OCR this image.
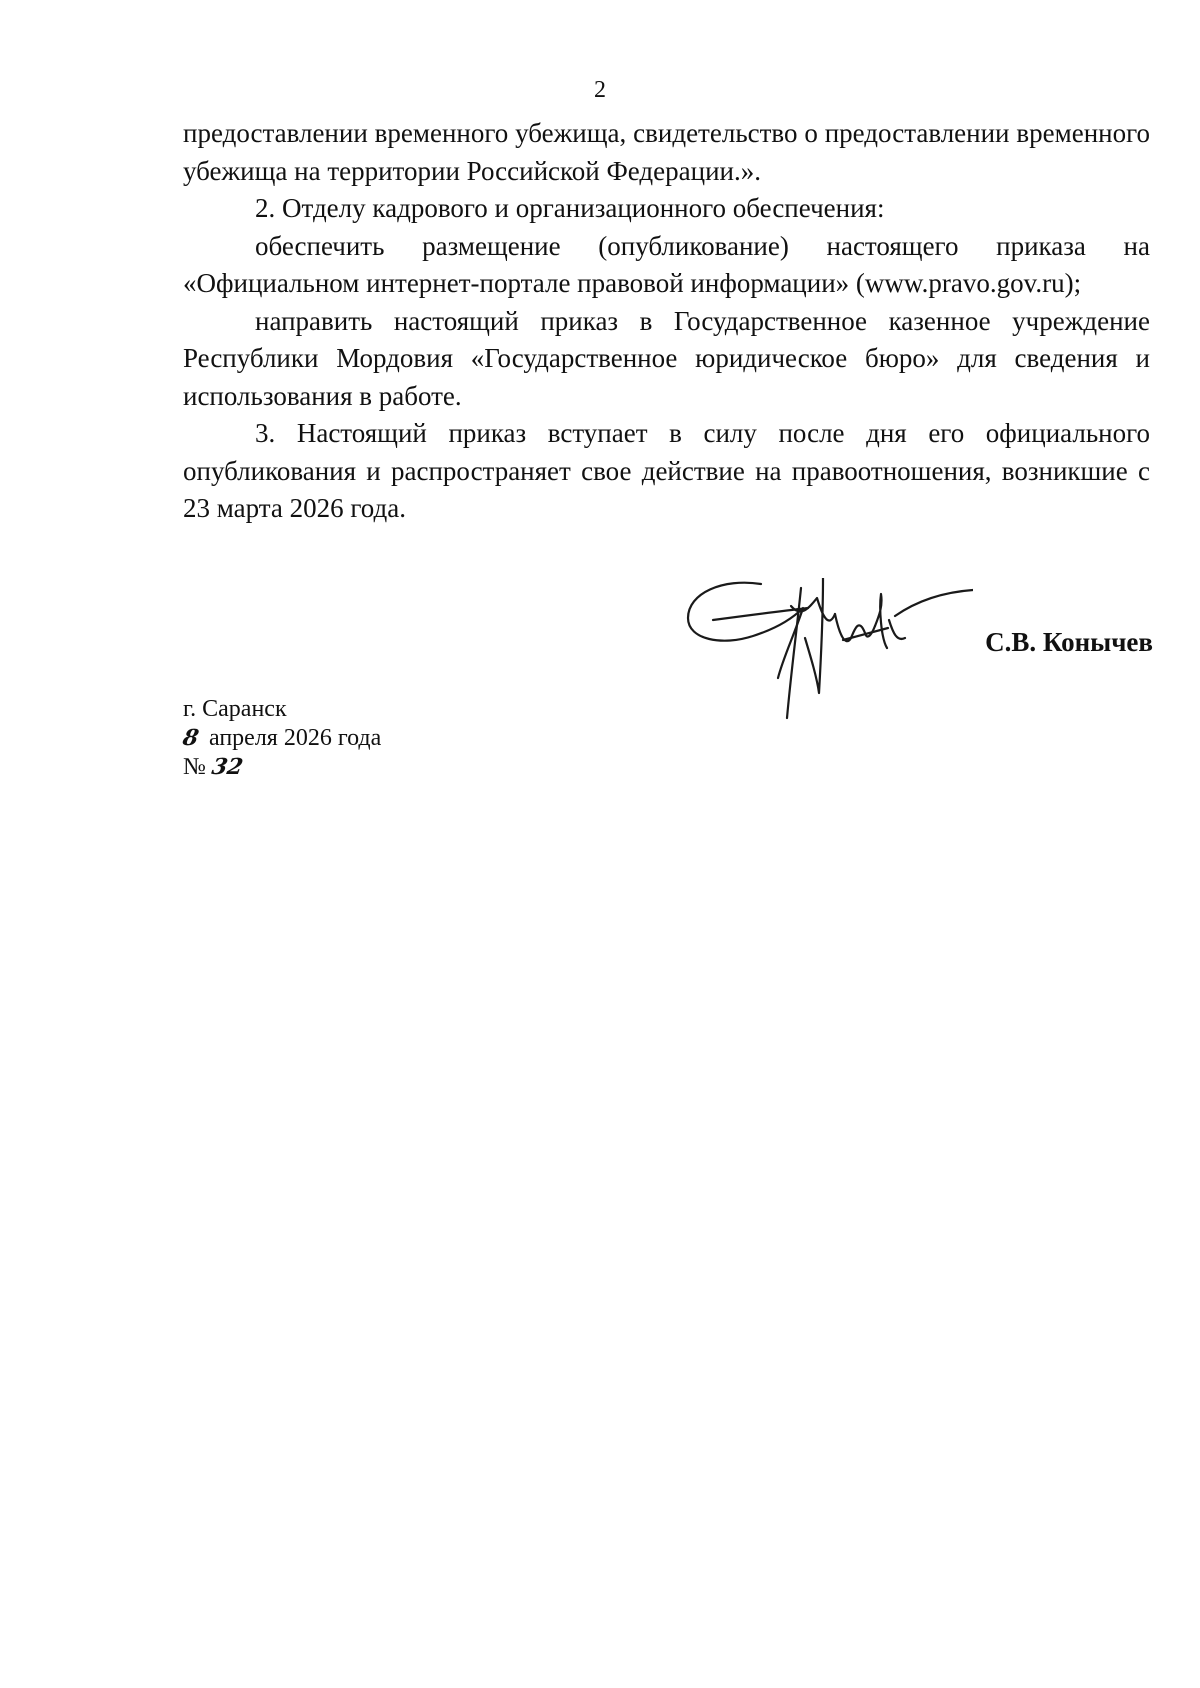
2

предоставлении временного убежища, свидетельство о предоставлении временного убежища на территории Российской Федерации.».

2. Отделу кадрового и организационного обеспечения:

обеспечить размещение (опубликование) настоящего приказа на «Официальном интернет-портале правовой информации» (www.pravo.gov.ru);

направить настоящий приказ в Государственное казенное учреждение Республики Мордовия «Государственное юридическое бюро» для сведения и использования в работе.

3. Настоящий приказ вступает в силу после дня его официального опубликования и распространяет свое действие на правоотношения, возникшие с 23 марта 2026 года.

С.В. Конычев
г. Саранск
8 апреля 2026 года
№ 32
